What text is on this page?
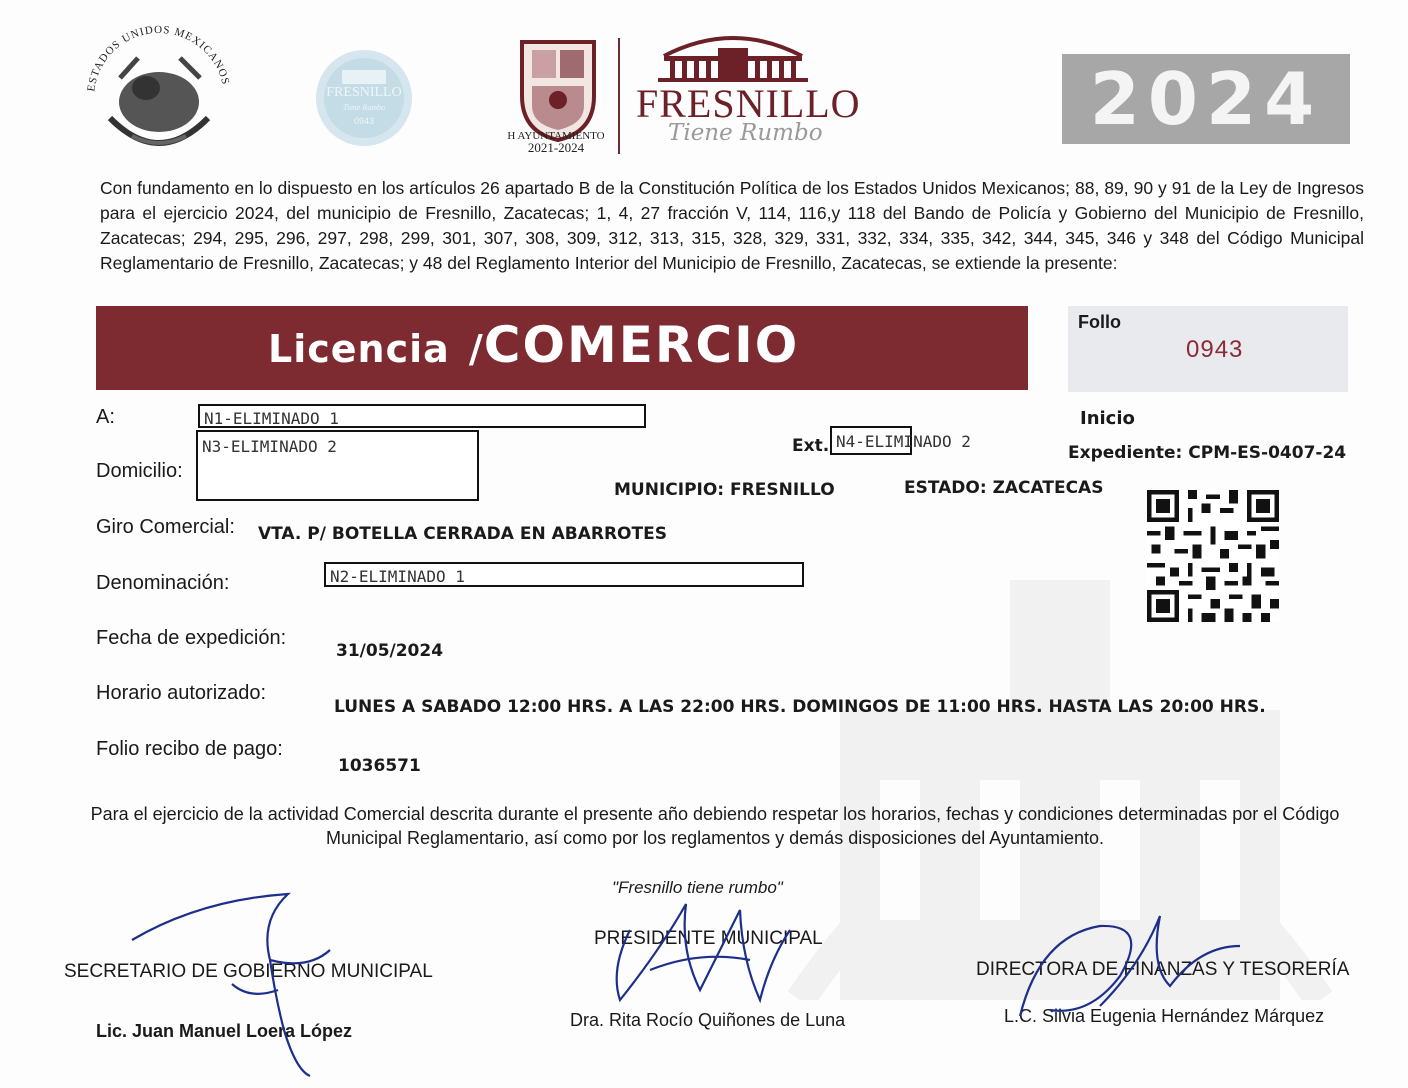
ESTADOS UNIDOS MEXICANOS
FRESNILLO
Tiene Rumbo
0943
H AYUNTAMIENTO
2021-2024
FRESNILLO
Tiene Rumbo	2024
Con fundamento en lo dispuesto en los artículos 26 apartado B de la Constitución Política de los Estados Unidos Mexicanos; 88, 89, 90 y 91 de la Ley de Ingresos para el ejercicio 2024, del municipio de Fresnillo, Zacatecas; 1, 4, 27 fracción V, 114, 116,y 118 del Bando de Policía y Gobierno del Municipio de Fresnillo, Zacatecas; 294, 295, 296, 297, 298, 299, 301, 307, 308, 309, 312, 313, 315, 328, 329, 331, 332, 334, 335, 342, 344, 345, 346 y 348 del Código Municipal Reglamentario de Fresnillo, Zacatecas; y 48 del Reglamento Interior del Municipio de Fresnillo, Zacatecas, se extiende la presente:
Licencia /COMERCIO	Follo
0943
A:	N1-ELIMINADO 1
Domicilio:
N3-ELIMINADO 2	Ext. N4-ELIMINADO 2
MUNICIPIO: FRESNILLO	ESTADO: ZACATECAS
Inicio
Expediente: CPM-ES-0407-24
Giro Comercial: VTA. P/ BOTELLA CERRADA EN ABARROTES
Denominación:	N2-ELIMINADO 1
Fecha de expedición:
31/05/2024
Horario autorizado:
LUNES A SABADO 12:00 HRS. A LAS 22:00 HRS. DOMINGOS DE 11:00 HRS. HASTA LAS 20:00 HRS.
Folio recibo de pago:
1036571
Para el ejercicio de la actividad Comercial descrita durante el presente año debiendo respetar los horarios, fechas y condiciones determinadas por el Código Municipal Reglamentario, así como por los reglamentos y demás disposiciones del Ayuntamiento.
"Fresnillo tiene rumbo"
SECRETARIO DE GOBIERNO MUNICIPAL
Lic. Juan Manuel Loera López
PRESIDENTE MUNICIPAL
Dra. Rita Rocío Quiñones de Luna
DIRECTORA DE FINANZAS Y TESORERÍA
L.C. Silvia Eugenia Hernández Márquez
